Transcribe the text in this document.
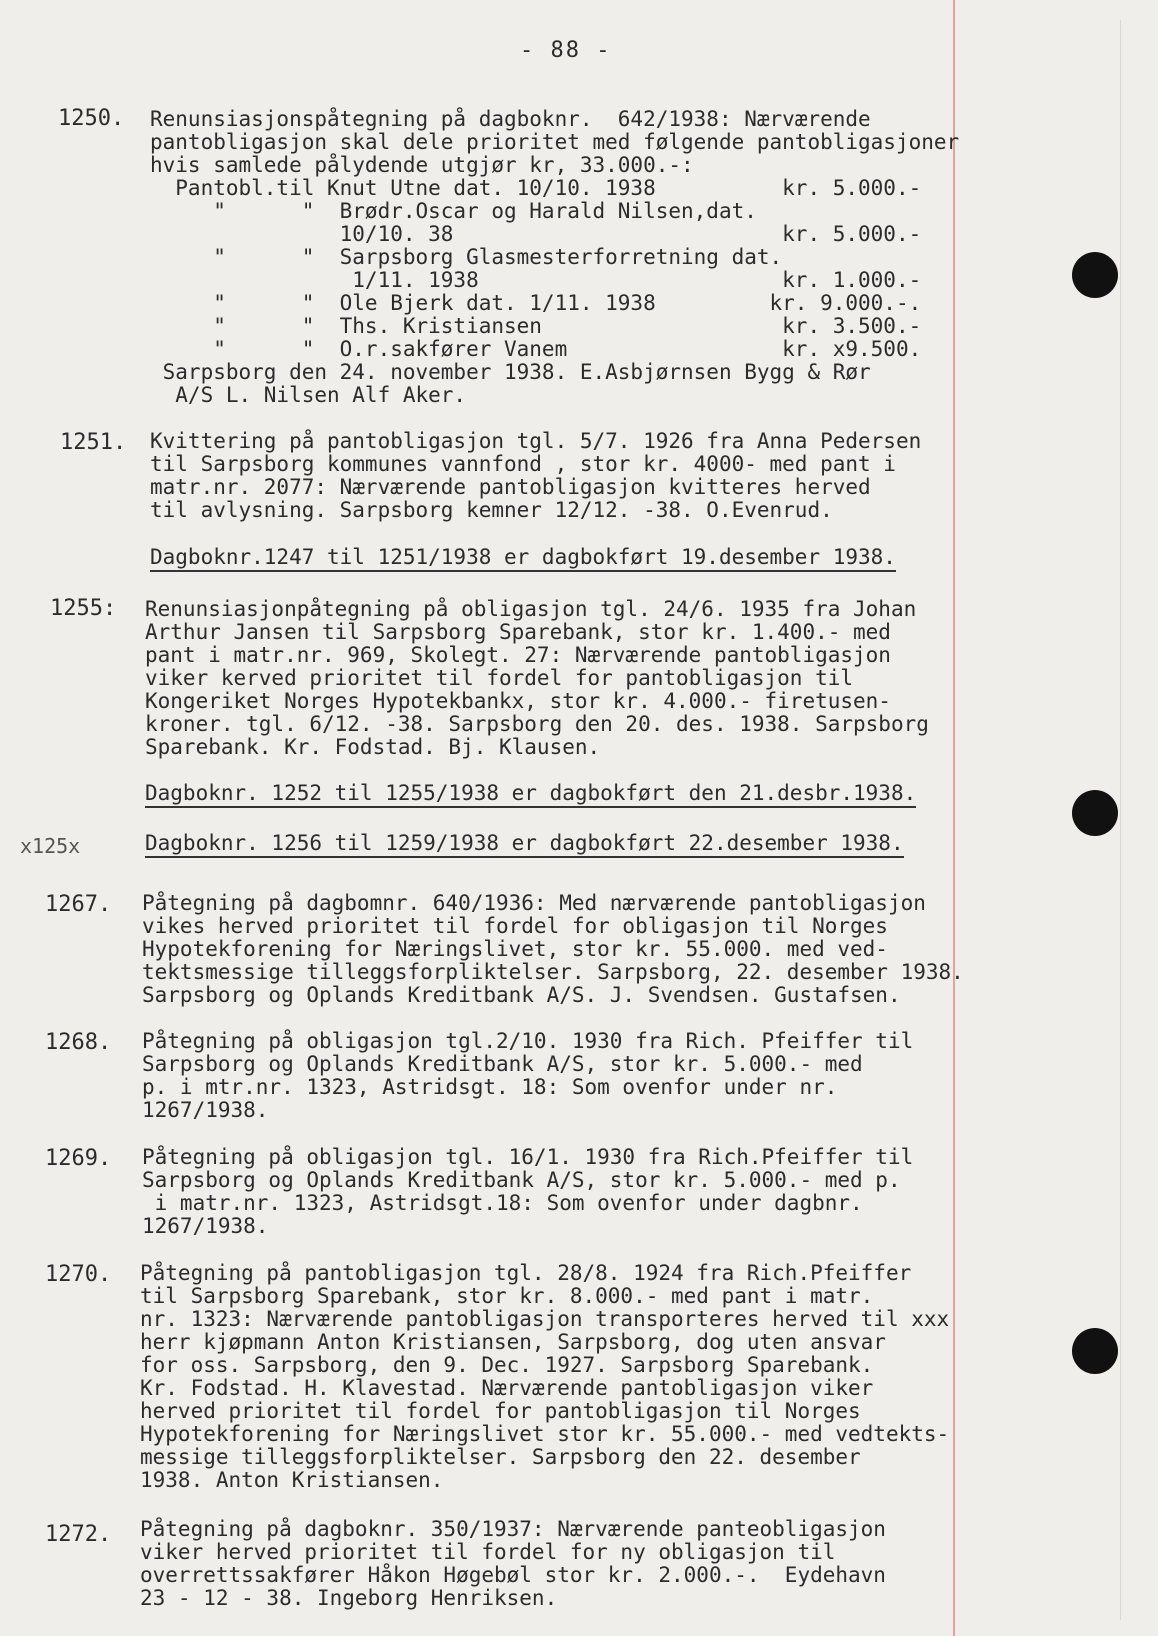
- 88 -
1250. Renunsiasjonspåtegning på dagboknr.  642/1938: Nærværende
pantobligasjon skal dele prioritet med følgende pantobligasjoner
hvis samlede pålydende utgjør kr, 33.000.-:
Pantobl.til Knut Utne dat. 10/10. 1938          kr. 5.000.-
"      "  Brødr.Oscar og Harald Nilsen,dat.
10/10. 38                          kr. 5.000.-
"      "  Sarpsborg Glasmesterforretning dat.
1/11. 1938                        kr. 1.000.-
"      "  Ole Bjerk dat. 1/11. 1938         kr. 9.000.-.
"      "  Ths. Kristiansen                   kr. 3.500.-
"      "  O.r.sakfører Vanem                 kr. x9.500.
Sarpsborg den 24. november 1938. E.Asbjørnsen Bygg & Rør
A/S L. Nilsen Alf Aker.
1251. Kvittering på pantobligasjon tgl. 5/7. 1926 fra Anna Pedersen
til Sarpsborg kommunes vannfond , stor kr. 4000- med pant i
matr.nr. 2077: Nærværende pantobligasjon kvitteres herved
til avlysning. Sarpsborg kemner 12/12. -38. O.Evenrud.
Dagboknr.1247 til 1251/1938 er dagbokført 19.desember 1938.
1255: Renunsiasjonpåtegning på obligasjon tgl. 24/6. 1935 fra Johan
Arthur Jansen til Sarpsborg Sparebank, stor kr. 1.400.- med
pant i matr.nr. 969, Skolegt. 27: Nærværende pantobligasjon
viker kerved prioritet til fordel for pantobligasjon til
Kongeriket Norges Hypotekbankx, stor kr. 4.000.- firetusen-
kroner. tgl. 6/12. -38. Sarpsborg den 20. des. 1938. Sarpsborg
Sparebank. Kr. Fodstad. Bj. Klausen.
Dagboknr. 1252 til 1255/1938 er dagbokført den 21.desbr.1938.
x125x	Dagboknr. 1256 til 1259/1938 er dagbokført 22.desember 1938.
1267. Påtegning på dagbomnr. 640/1936: Med nærværende pantobligasjon
vikes herved prioritet til fordel for obligasjon til Norges
Hypotekforening for Næringslivet, stor kr. 55.000. med ved-
tektsmessige tilleggsforpliktelser. Sarpsborg, 22. desember 1938.
Sarpsborg og Oplands Kreditbank A/S. J. Svendsen. Gustafsen.
1268. Påtegning på obligasjon tgl.2/10. 1930 fra Rich. Pfeiffer til
Sarpsborg og Oplands Kreditbank A/S, stor kr. 5.000.- med
p. i mtr.nr. 1323, Astridsgt. 18: Som ovenfor under nr.
1267/1938.
1269. Påtegning på obligasjon tgl. 16/1. 1930 fra Rich.Pfeiffer til
Sarpsborg og Oplands Kreditbank A/S, stor kr. 5.000.- med p.
i matr.nr. 1323, Astridsgt.18: Som ovenfor under dagbnr.
1267/1938.
1270. Påtegning på pantobligasjon tgl. 28/8. 1924 fra Rich.Pfeiffer
til Sarpsborg Sparebank, stor kr. 8.000.- med pant i matr.
nr. 1323: Nærværende pantobligasjon transporteres herved til xxx
herr kjøpmann Anton Kristiansen, Sarpsborg, dog uten ansvar
for oss. Sarpsborg, den 9. Dec. 1927. Sarpsborg Sparebank.
Kr. Fodstad. H. Klavestad. Nærværende pantobligasjon viker
herved prioritet til fordel for pantobligasjon til Norges
Hypotekforening for Næringslivet stor kr. 55.000.- med vedtekts-
messige tilleggsforpliktelser. Sarpsborg den 22. desember
1938. Anton Kristiansen.
1272. Påtegning på dagboknr. 350/1937: Nærværende panteobligasjon
viker herved prioritet til fordel for ny obligasjon til
overrettssakfører Håkon Høgebøl stor kr. 2.000.-.  Eydehavn
23 - 12 - 38. Ingeborg Henriksen.
